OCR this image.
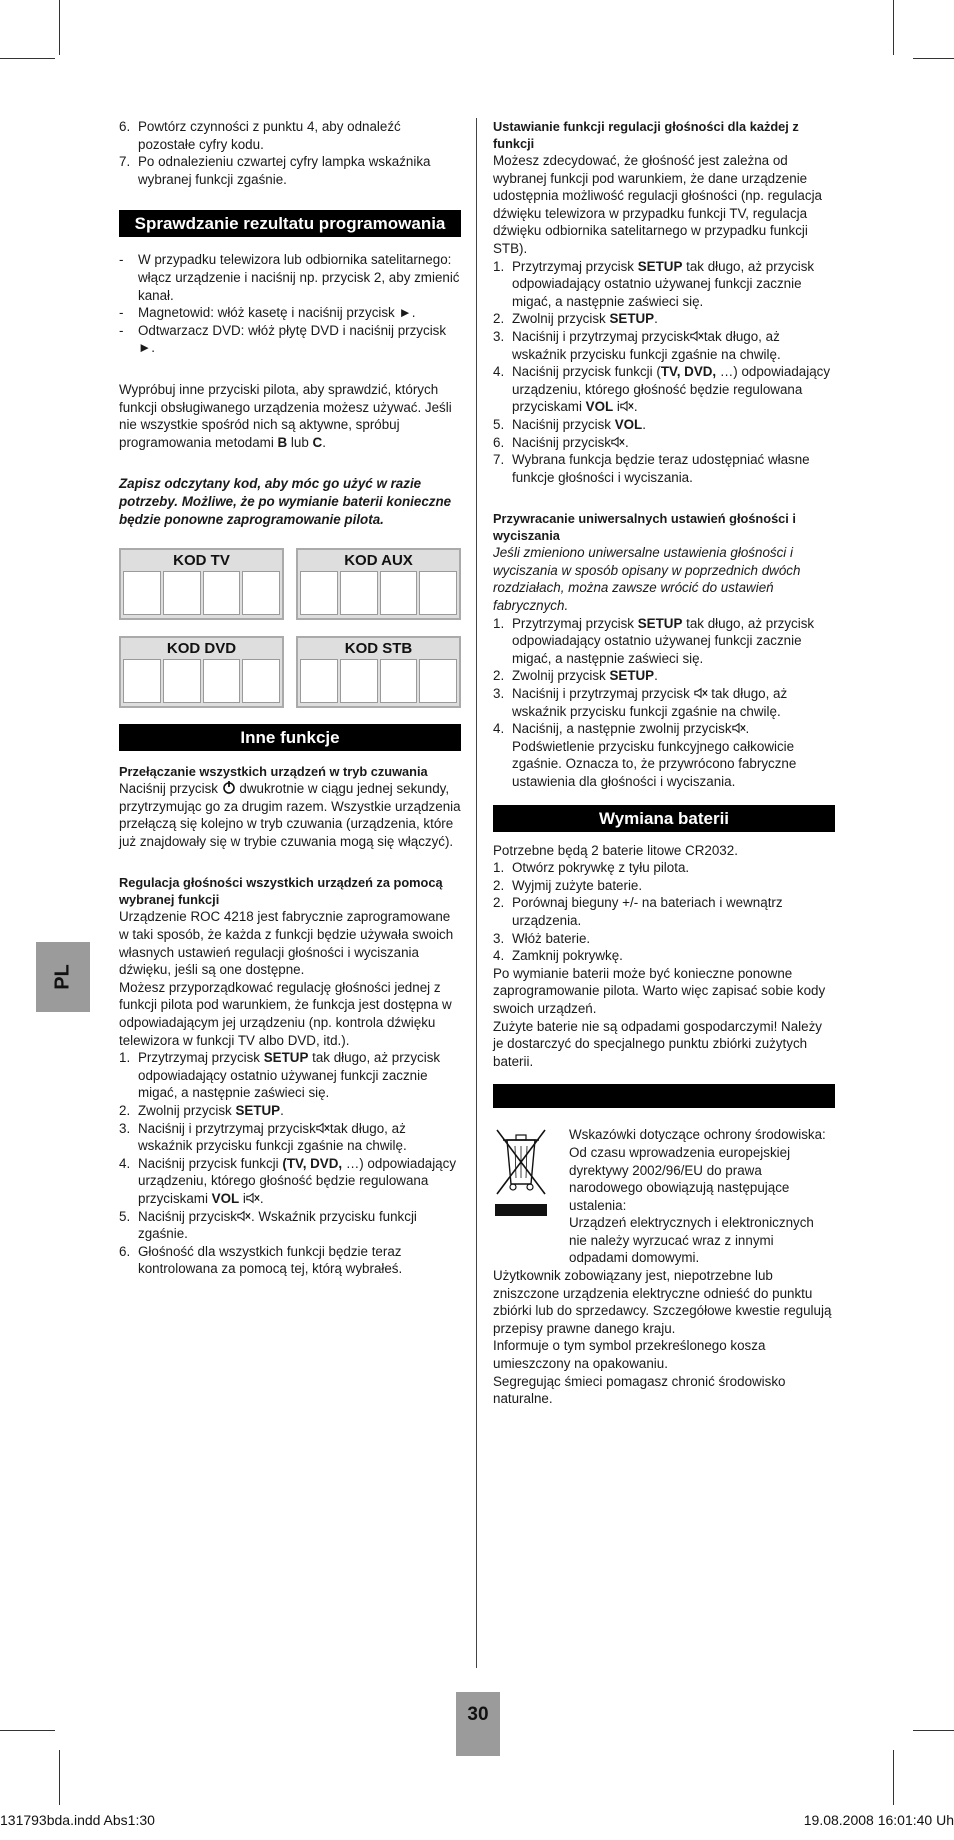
PL
6. Powtórz czynności z punktu 4, aby odnaleźć pozostałe cyfry kodu.
7. Po odnalezieniu czwartej cyfry lampka wskaźnika wybranej funkcji zgaśnie.
Sprawdzanie rezultatu programowania
- W przypadku telewizora lub odbiornika satelitarnego: włącz urządzenie i naciśnij np. przycisk 2, aby zmienić kanał.
- Magnetowid: włóż kasetę i naciśnij przycisk ►.
- Odtwarzacz DVD: włóż płytę DVD i naciśnij przycisk ►.

Wypróbuj inne przyciski pilota, aby sprawdzić, których funkcji obsługiwanego urządzenia możesz używać. Jeśli nie wszystkie spośród nich są aktywne, spróbuj programowania metodami B lub C.

Zapisz odczytany kod, aby móc go użyć w razie potrzeby. Możliwe, że po wymianie baterii konieczne będzie ponowne zaprogramowanie pilota.

KOD TV	KOD AUX
KOD DVD	KOD STB
Inne funkcje

Przełączanie wszystkich urządzeń w tryb czuwania

Naciśnij przycisk  dwukrotnie w ciągu jednej sekundy, przytrzymując go za drugim razem. Wszystkie urządzenia przełączą się kolejno w tryb czuwania (urządzenia, które już znajdowały się w trybie czuwania mogą się włączyć).

Regulacja głośności wszystkich urządzeń za pomocą wybranej funkcji

Urządzenie ROC 4218 jest fabrycznie zaprogramowane w taki sposób, że każda z funkcji będzie używała swoich własnych ustawień regulacji głośności i wyciszania dźwięku, jeśli są one dostępne.

Możesz przyporządkować regulację głośności jednej z funkcji pilota pod warunkiem, że funkcja jest dostępna w odpowiadającym jej urządzeniu (np. kontrola dźwięku telewizora w funkcji TV albo DVD, itd.).

1. Przytrzymaj przycisk SETUP tak długo, aż przycisk odpowiadający ostatnio używanej funkcji zacznie migać, a następnie zaświeci się.
2. Zwolnij przycisk SETUP.
3. Naciśnij i przytrzymaj przycisk tak długo, aż wskaźnik przycisku funkcji zgaśnie na chwilę.
4. Naciśnij przycisk funkcji (TV, DVD, …) odpowiadający urządzeniu, którego głośność będzie regulowana przyciskami VOL i .
5. Naciśnij przycisk . Wskaźnik przycisku funkcji zgaśnie.
6. Głośność dla wszystkich funkcji będzie teraz kontrolowana za pomocą tej, którą wybrałeś.

Ustawianie funkcji regulacji głośności dla każdej z funkcji

Możesz zdecydować, że głośność jest zależna od wybranej funkcji pod warunkiem, że dane urządzenie udostępnia możliwość regulacji głośności (np. regulacja dźwięku telewizora w przypadku funkcji TV, regulacja dźwięku odbiornika satelitarnego w przypadku funkcji STB).

1. Przytrzymaj przycisk SETUP tak długo, aż przycisk odpowiadający ostatnio używanej funkcji zacznie migać, a następnie zaświeci się.
2. Zwolnij przycisk SETUP.
3. Naciśnij i przytrzymaj przycisk tak długo, aż wskaźnik przycisku funkcji zgaśnie na chwilę.
4. Naciśnij przycisk funkcji (TV, DVD, …) odpowiadający urządzeniu, którego głośność będzie regulowana przyciskami VOL i .
5. Naciśnij przycisk VOL.
6. Naciśnij przycisk .
7. Wybrana funkcja będzie teraz udostępniać własne funkcje głośności i wyciszania.

Przywracanie uniwersalnych ustawień głośności i wyciszania

Jeśli zmieniono uniwersalne ustawienia głośności i wyciszania w sposób opisany w poprzednich dwóch rozdziałach, można zawsze wrócić do ustawień fabrycznych.

1. Przytrzymaj przycisk SETUP tak długo, aż przycisk odpowiadający ostatnio używanej funkcji zacznie migać, a następnie zaświeci się.
2. Zwolnij przycisk SETUP.
3. Naciśnij i przytrzymaj przycisk  tak długo, aż wskaźnik przycisku funkcji zgaśnie na chwilę.
4. Naciśnij, a następnie zwolnij przycisk . Podświetlenie przycisku funkcyjnego całkowicie zgaśnie. Oznacza to, że przywrócono fabryczne ustawienia dla głośności i wyciszania.
Wymiana baterii

Potrzebne będą 2 baterie litowe CR2032.

1. Otwórz pokrywkę z tyłu pilota.
2. Wyjmij zużyte baterie.
2. Porównaj bieguny +/- na bateriach i wewnątrz urządzenia.
3. Włóż baterie.
4. Zamknij pokrywkę.

Po wymianie baterii może być konieczne ponowne zaprogramowanie pilota. Warto więc zapisać sobie kody swoich urządzeń.

Zużyte baterie nie są odpadami gospodarczymi! Należy je dostarczyć do specjalnego punktu zbiórki zużytych baterii.

Wskazówki dotyczące ochrony środowiska:

Od czasu wprowadzenia europejskiej dyrektywy 2002/96/EU do prawa narodowego obowiązują następujące ustalenia:

Urządzeń elektrycznych i elektronicznych nie należy wyrzucać wraz z innymi odpadami domowymi.

Użytkownik zobowiązany jest, niepotrzebne lub zniszczone urządzenia elektryczne odnieść do punktu zbiórki lub do sprzedawcy. Szczegółowe kwestie regulują przepisy prawne danego kraju.

Informuje o tym symbol przekreślonego kosza umieszczony na opakowaniu.

Segregując śmieci pomagasz chronić środowisko naturalne.

30
131793bda.indd Abs1:30	19.08.2008 16:01:40 Uh
